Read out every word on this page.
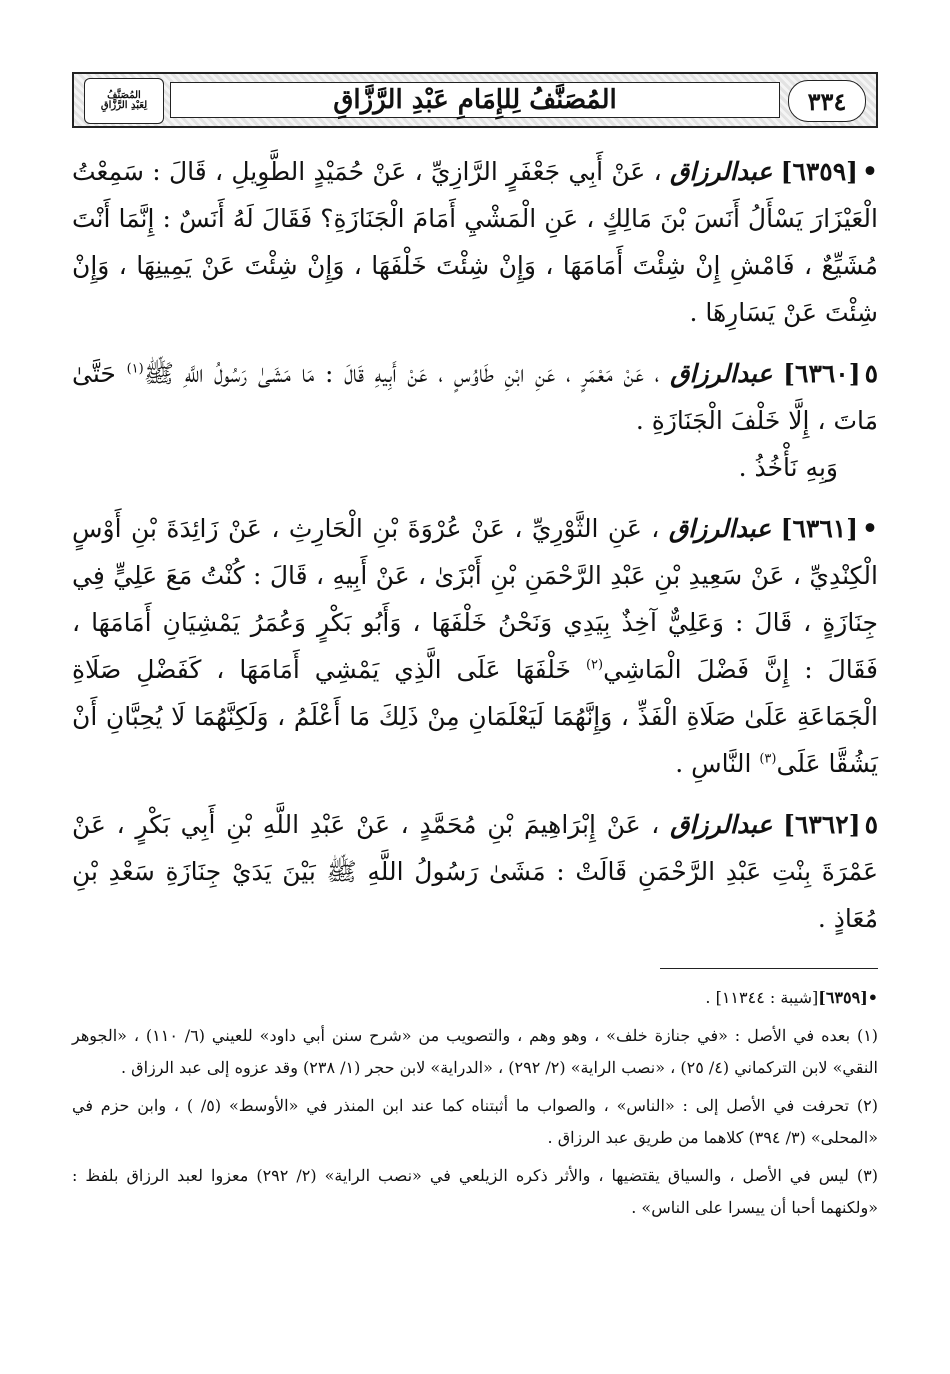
٣٣٤
المُصَنَّفُ لِلإِمَامِ عَبْدِ الرَّزَّاقِ
المُصَنَّفُ
لِعَبْدِ الرَّزَّاقِ

•[٦٣٥٩] عبدالرزاق ، عَنْ أَبِي جَعْفَرٍ الرَّازِيِّ ، عَنْ حُمَيْدٍ الطَّوِيلِ ، قَالَ : سَمِعْتُ الْعَيْزَارَ يَسْأَلُ أَنَسَ بْنَ مَالِكٍ ، عَنِ الْمَشْيِ أَمَامَ الْجَنَازَةِ؟ فَقَالَ لَهُ أَنَسٌ : إِنَّمَا أَنْتَ مُشَيِّعٌ ، فَامْشِ إِنْ شِئْتَ أَمَامَهَا ، وَإِنْ شِئْتَ خَلْفَهَا ، وَإِنْ شِئْتَ عَنْ يَمِينِهَا ، وَإِنْ شِئْتَ عَنْ يَسَارِهَا .

٥[٦٣٦٠] عبدالرزاق ، عَنْ مَعْمَرٍ ، عَنِ ابْنِ طَاوُسٍ ، عَنْ أَبِيهِ قَالَ : مَا مَشَىٰ رَسُولُ اللَّهِ ﷺ$^{(١)}$ حَتَّىٰ مَاتَ ، إِلَّا خَلْفَ الْجَنَازَةِ .

وَبِهِ نَأْخُذُ .

•[٦٣٦١] عبدالرزاق ، عَنِ الثَّوْرِيِّ ، عَنْ عُرْوَةَ بْنِ الْحَارِثِ ، عَنْ زَائِدَةَ بْنِ أَوْسٍ الْكِنْدِيِّ ، عَنْ سَعِيدِ بْنِ عَبْدِ الرَّحْمَنِ بْنِ أَبْزَىٰ ، عَنْ أَبِيهِ ، قَالَ : كُنْتُ مَعَ عَلِيٍّ فِي جِنَازَةٍ ، قَالَ : وَعَلِيٌّ آخِذٌ بِيَدِي وَنَحْنُ خَلْفَهَا ، وَأَبُو بَكْرٍ وَعُمَرُ يَمْشِيَانِ أَمَامَهَا ، فَقَالَ : إِنَّ فَضْلَ الْمَاشِي$^{(٢)}$ خَلْفَهَا عَلَى الَّذِي يَمْشِي أَمَامَهَا ، كَفَضْلِ صَلَاةِ الْجَمَاعَةِ عَلَىٰ صَلَاةِ الْفَذِّ ، وَإِنَّهُمَا لَيَعْلَمَانِ مِنْ ذَلِكَ مَا أَعْلَمُ ، وَلَكِنَّهُمَا لَا يُحِبَّانِ أَنْ يَشُقَّا عَلَى$^{(٣)}$ النَّاسِ .

٥[٦٣٦٢] عبدالرزاق ، عَنْ إِبْرَاهِيمَ بْنِ مُحَمَّدٍ ، عَنْ عَبْدِ اللَّهِ بْنِ أَبِي بَكْرٍ ، عَنْ عَمْرَةَ بِنْتِ عَبْدِ الرَّحْمَنِ قَالَتْ : مَشَىٰ رَسُولُ اللَّهِ ﷺ بَيْنَ يَدَيْ جِنَازَةِ سَعْدِ بْنِ مُعَاذٍ .

•[٦٣٥٩][شيبة : ١١٣٤٤] .

(١) بعده في الأصل : «في جنازة خلف» ، وهو وهم ، والتصويب من «شرح سنن أبي داود» للعيني (٦/ ١١٠) ، «الجوهر النقي» لابن التركماني (٤/ ٢٥) ، «نصب الراية» (٢/ ٢٩٢) ، «الدراية» لابن حجر (١/ ٢٣٨) وقد عزوه إلى عبد الرزاق .

(٢) تحرفت في الأصل إلى : «الناس» ، والصواب ما أثبتناه كما عند ابن المنذر في «الأوسط» (٥/ ) ، وابن حزم في «المحلى» (٣/ ٣٩٤) كلاهما من طريق عبد الرزاق .

(٣) ليس في الأصل ، والسياق يقتضيها ، والأثر ذكره الزيلعي في «نصب الراية» (٢/ ٢٩٢) معزوا لعبد الرزاق بلفظ : «ولكنهما أحبا أن ييسرا على الناس» .
